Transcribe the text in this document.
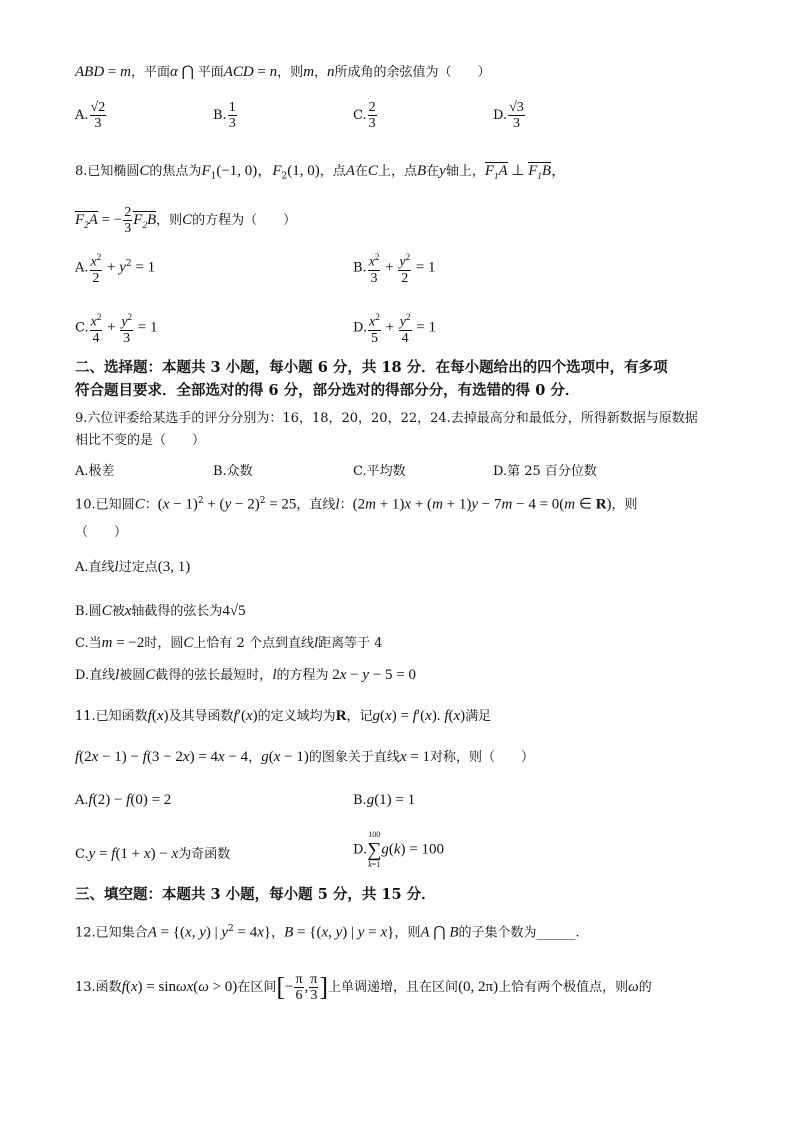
ABD = m，平面α ⋂ 平面ACD = n，则m，n所成角的余弦值为（　　）
A. $\frac{√2}{3}$	B. $\frac{1}{3}$	C. $\frac{2}{3}$	D. $\frac{√3}{3}$
8.已知椭圆C的焦点为$F_1(-1$, 0)，$F_2(1$, 0)，点A在C上，点B在y轴上，$F_1A$ ⊥ $F_1B$，
$F_2A$ = − $\frac{2}{3} F_2B$，则C的方程为（　　）
A. $\frac{x^2}{2} + y^2 = 1$	B. $\frac{x^2}{3} + \frac{y^2}{2} = 1$
C. $\frac{x^2}{4} + \frac{y^2}{3} = 1$	D. $\frac{x^2}{5} + \frac{y^2}{4} = 1$
二、选择题：本题共 3 小题，每小题 6 分，共 18 分．在每小题给出的四个选项中，有多项
符合题目要求．全部选对的得 6 分，部分选对的得部分分，有选错的得 0 分．
9.六位评委给某选手的评分分别为：16，18，20，20，22，24.去掉最高分和最低分，所得新数据与原数据
相比不变的是（　　）
A.极差	B.众数	C.平均数	D.第 25 百分位数
10.已知圆C：$(x - 1)^2 + (y - 2)^2 = 25$，直线l：(2m + 1)x + (m + 1)y − 7m − 4 = 0(m ∈ R)，则
（　　）
A.直线l过定点(3, 1)
B.圆C被x轴截得的弦长为4√5
C.当m = −2时，圆C上恰有 2 个点到直线l距离等于 4
D.直线l被圆C截得的弦长最短时，l的方程为 2x − y − 5 = 0
11.已知函数f(x)及其导函数f′(x)的定义域均为R，记g(x) = f′(x). f(x)满足
f(2x − 1) − f(3 − 2x) = 4x − 4，g(x − 1)的图象关于直线x = 1对称，则（　　）
A.f(2) − f(0) = 2	B.g(1) = 1
C.y = f(1 + x) − x为奇函数	D.
100
∑
k=1
g(k) = 100
三、填空题：本题共 3 小题，每小题 5 分，共 15 分．
12.已知集合A = {(x, y) | $y^2 = 4x$}，B = {(x, y) | y = x}，则A ⋂ B的子集个数为______.
13.函数f(x) = sinωx(ω > 0)在区间[− $\frac{\pi}{6}$ , $\frac{\pi}{3}$ ]上单调递增，且在区间(0, 2π)上恰有两个极值点，则ω的
